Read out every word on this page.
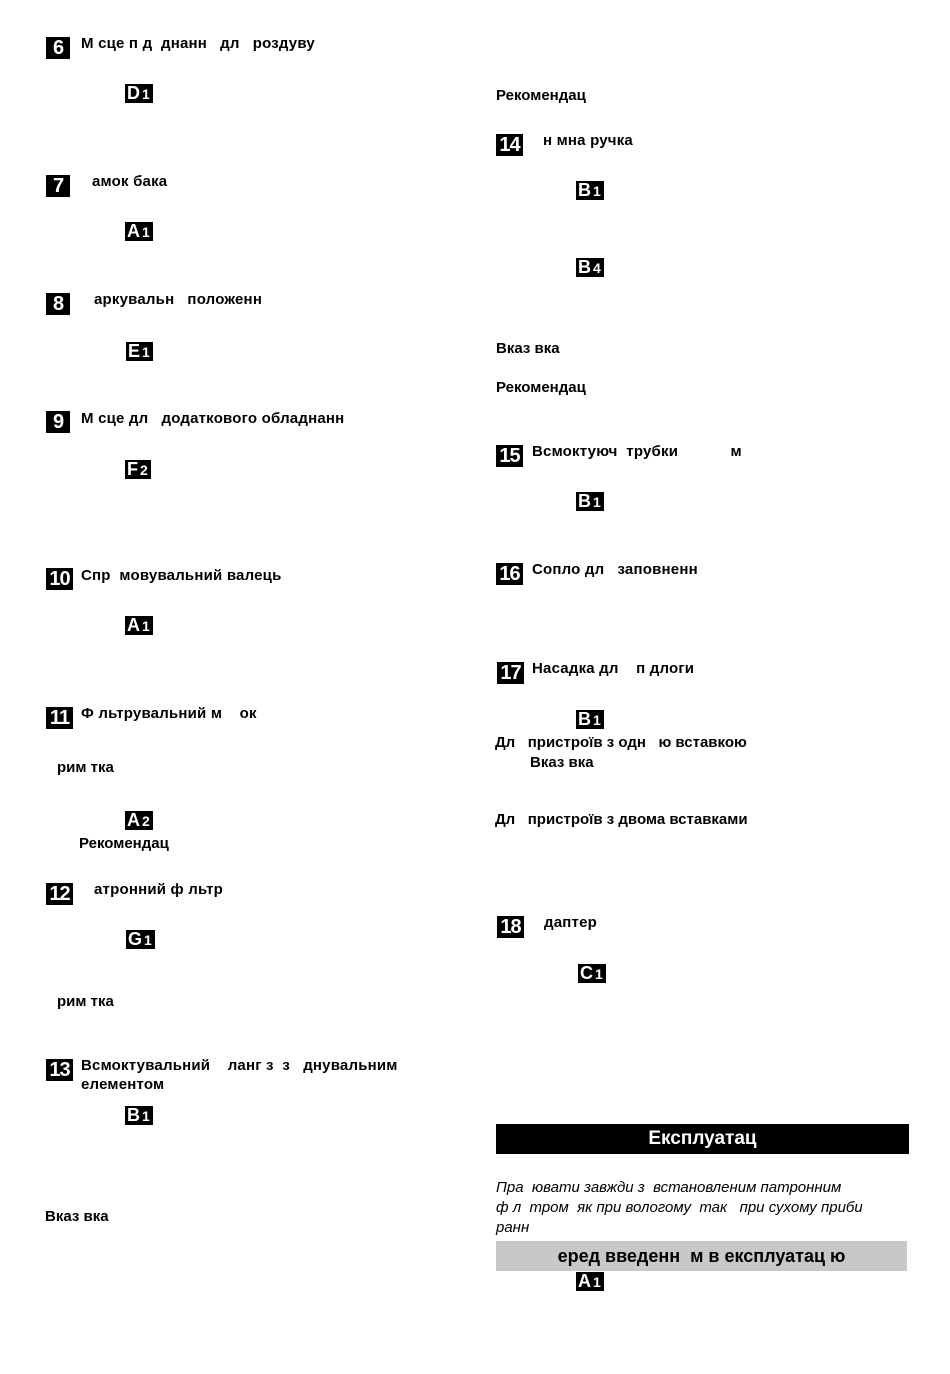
6	М сце п д  днанн   дл   роздуву
D 1
7	амок бака
A 1
8	аркувальн   положенн
E 1
9	М сце дл   додаткового обладнанн
F 2
10 Спр  мовувальний валець
A 1
11 Ф льтрувальний м    ок
рим тка
A 2
Рекомендац
12 атронний ф льтр
G 1
рим тка
13 Всмоктувальний    ланг з  з   днувальним
елементом
B 1
Вказ вка
Рекомендац
14 н мна ручка
B 1
B 4
Вказ вка
Рекомендац
15 Всмоктуюч  трубки            м
B 1
16 Сопло дл   заповненн
17 Насадка дл    п длоги
B 1
Дл   пристроїв з одн   ю вставкою
Вказ вка
Дл   пристроїв з двома вставками
18 даптер
C 1
Експлуатац
Пра  ювати завжди з  встановленим патронним
ф л  тром  як при вологому  так   при сухому приби
ранн
еред введенн  м в експлуатац ю
A 1
